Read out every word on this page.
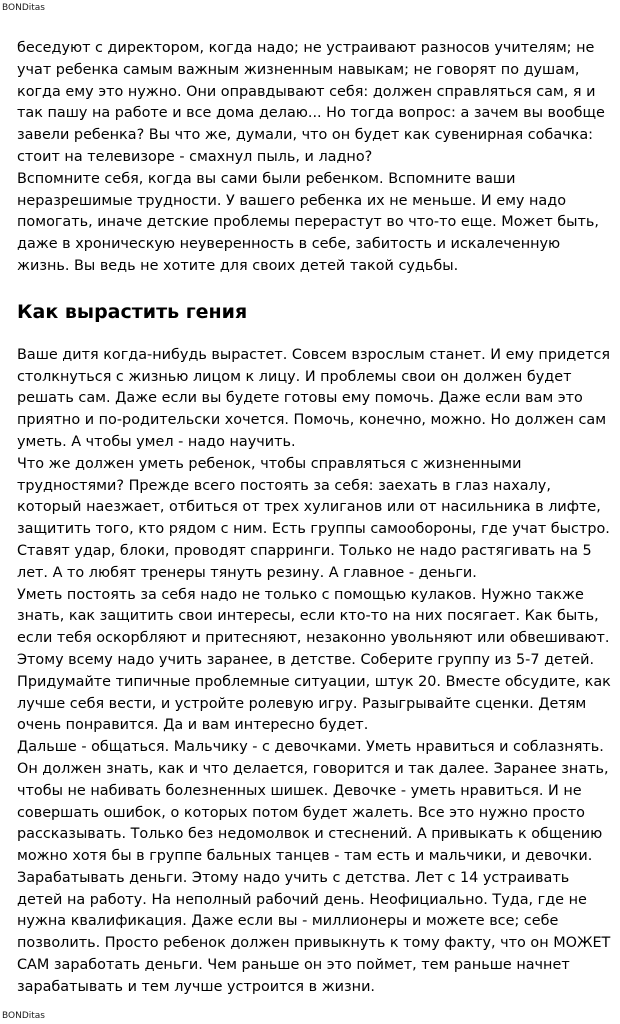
BONDitas

беседуют с директором, когда надо; не устраивают разносов учителям; не учат ребенка самым важным жизненным навыкам; не говорят по душам, когда ему это нужно. Они оправдывают себя: должен справляться сам, я и так пашу на работе и все дома делаю... Но тогда вопрос: а зачем вы вообще завели ребенка? Вы что же, думали, что он будет как сувенирная собачка: стоит на телевизоре - смахнул пыль, и ладно?

Вспомните себя, когда вы сами были ребенком. Вспомните ваши неразрешимые трудности. У вашего ребенка их не меньше. И ему надо помогать, иначе детские проблемы перерастут во что-то еще. Может быть, даже в хроническую неуверенность в себе, забитость и искалеченную жизнь. Вы ведь не хотите для своих детей такой судьбы.

Как вырастить гения

Ваше дитя когда-нибудь вырастет. Совсем взрослым станет. И ему придется столкнуться с жизнью лицом к лицу. И проблемы свои он должен будет решать сам. Даже если вы будете готовы ему помочь. Даже если вам это приятно и по-родительски хочется. Помочь, конечно, можно. Но должен сам уметь. А чтобы умел - надо научить.

Что же должен уметь ребенок, чтобы справляться с жизненными трудностями? Прежде всего постоять за себя: заехать в глаз нахалу, который наезжает, отбиться от трех хулиганов или от насильника в лифте, защитить того, кто рядом с ним. Есть группы самообороны, где учат быстро. Ставят удар, блоки, проводят спарринги. Только не надо растягивать на 5 лет. А то любят тренеры тянуть резину. А главное - деньги.

Уметь постоять за себя надо не только с помощью кулаков. Нужно также знать, как защитить свои интересы, если кто-то на них посягает. Как быть, если тебя оскорбляют и притесняют, незаконно увольняют или обвешивают. Этому всему надо учить заранее, в детстве. Соберите группу из 5-7 детей. Придумайте типичные проблемные ситуации, штук 20. Вместе обсудите, как лучше себя вести, и устройте ролевую игру. Разыгрывайте сценки. Детям очень понравится. Да и вам интересно будет.

Дальше - общаться. Мальчику - с девочками. Уметь нравиться и соблазнять. Он должен знать, как и что делается, говорится и так далее. Заранее знать, чтобы не набивать болезненных шишек. Девочке - уметь нравиться. И не совершать ошибок, о которых потом будет жалеть. Все это нужно просто рассказывать. Только без недомолвок и стеснений. А привыкать к общению можно хотя бы в группе бальных танцев - там есть и мальчики, и девочки.

Зарабатывать деньги. Этому надо учить с детства. Лет с 14 устраивать детей на работу. На неполный рабочий день. Неофициально. Туда, где не нужна квалификация. Даже если вы - миллионеры и можете все; себе позволить. Просто ребенок должен привыкнуть к тому факту, что он МОЖЕТ САМ заработать деньги. Чем раньше он это поймет, тем раньше начнет зарабатывать и тем лучше устроится в жизни.

BONDitas
